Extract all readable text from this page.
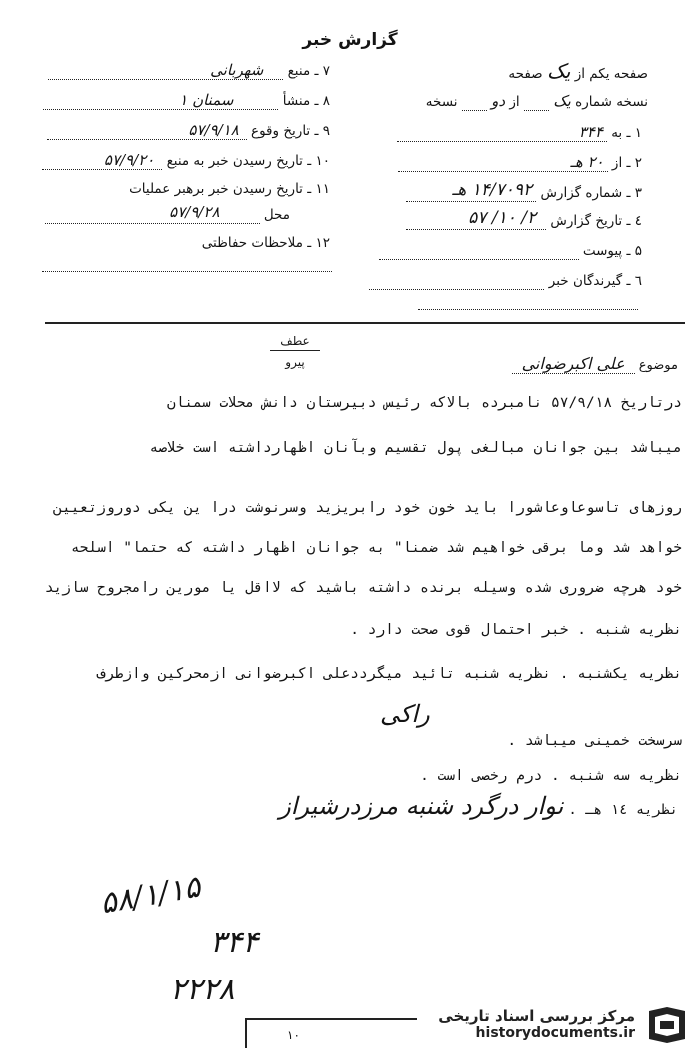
گزارش خبر
۷ ـ منبع
شهربانی
۸ ـ منشأ
سمنان ۱
۹ ـ تاریخ وقوع
۵۷/۹/۱۸
۱۰ ـ تاریخ رسیدن خبر به منبع
۵۷/۹/۲۰
۱۱ ـ تاریخ رسیدن خبر برهبر عملیات
محل
۵۷/۹/۲۸
۱۲ ـ ملاحظات حفاظتی
صفحه یکم از یک صفحه
نسخه شماره یک  از دو  نسخه
۱ ـ به
۳۴۴
۲ ـ از
۲۰ هـ
۳ ـ شماره گزارش
۱۴/۷۰۹۲ هـ
٤ ـ تاریخ گزارش
۲/ ۱۰/ ۵۷
۵ ـ پیوست
٦ ـ گیرندگان خبر
عطف
پیرو	موضوع علی اکبرضوانی
درتاریخ ۵۷/۹/۱۸ نامبرده بالاکه رئیس دبیرستان دانش محلات سمنان
میباشد بین جوانان مبالغی پول تقسیم وبآنان اظهارداشته است خلاصه
روزهای تاسوعاوعاشورا باید خون خود رابریزید وسرنوشت درا ین یکی دوروزتعیین
خواهد شد وما برقی خواهیم شد ضمنا" به جوانان اظهار داشته که حتما" اسلحه
خود هرچه ضروری شده وسیله برنده داشته باشید که لااقل یا مورین رامجروح سازید
نظریه شنبه . خبر احتمال قوی صحت دارد .
نظریه یکشنبه . نظریه شنبه تائید میگرددعلی اکبرضوانی ازمحرکین وازطرف
سرسخت خمینی میباشد .
راکی
نظریه سه شنبه . درم رخصی است .
نظریه ۱٤ هـ . نوار درگرد شنبه مرزدرشیراز
۵۸/۱/۱۵
۳۴۴
۲۲۲۸
۱۰
مرکز بررسی اسناد تاریخی
historydocuments.ir
